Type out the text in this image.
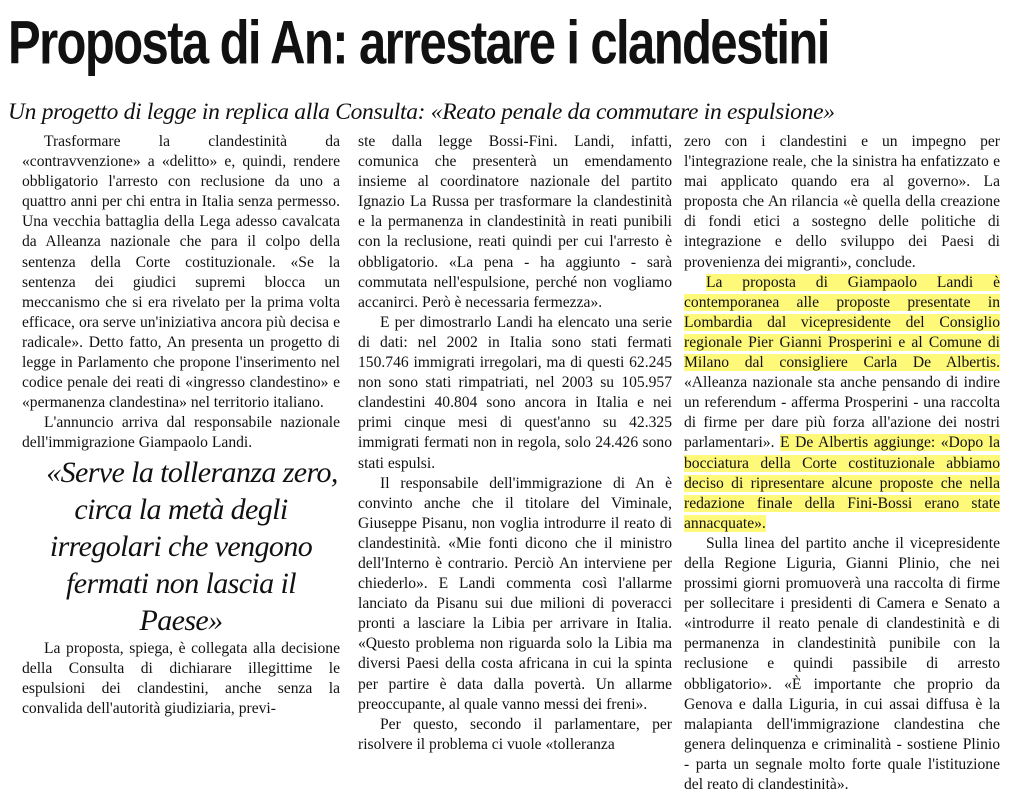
Proposta di An: arrestare i clandestini
Un progetto di legge in replica alla Consulta: «Reato penale da commutare in espulsione»

Trasformare la clandestinità da «contravvenzione» a «delitto» e, quindi, rendere obbligatorio l'arresto con reclusione da uno a quattro anni per chi entra in Italia senza permesso. Una vecchia battaglia della Lega adesso cavalcata da Alleanza nazionale che para il colpo della sentenza della Corte costituzionale. «Se la sentenza dei giudici supremi blocca un meccanismo che si era rivelato per la prima volta efficace, ora serve un'iniziativa ancora più decisa e radicale». Detto fatto, An presenta un progetto di legge in Parlamento che propone l'inserimento nel codice penale dei reati di «ingresso clandestino» e «permanenza clandestina» nel territorio italiano.

L'annuncio arriva dal responsabile nazionale dell'immigrazione Giampaolo Landi.

«Serve la tolleranza zero, circa la metà degli irregolari che vengono fermati non lascia il Paese»

La proposta, spiega, è collegata alla decisione della Consulta di dichiarare illegittime le espulsioni dei clandestini, anche senza la convalida dell'autorità giudiziaria, previ-

ste dalla legge Bossi-Fini. Landi, infatti, comunica che presenterà un emendamento insieme al coordinatore nazionale del partito Ignazio La Russa per trasformare la clandestinità e la permanenza in clandestinità in reati punibili con la reclusione, reati quindi per cui l'arresto è obbligatorio. «La pena - ha aggiunto - sarà commutata nell'espulsione, perché non vogliamo accanirci. Però è necessaria fermezza».

E per dimostrarlo Landi ha elencato una serie di dati: nel 2002 in Italia sono stati fermati 150.746 immigrati irregolari, ma di questi 62.245 non sono stati rimpatriati, nel 2003 su 105.957 clandestini 40.804 sono ancora in Italia e nei primi cinque mesi di quest'anno su 42.325 immigrati fermati non in regola, solo 24.426 sono stati espulsi.

Il responsabile dell'immigrazione di An è convinto anche che il titolare del Viminale, Giuseppe Pisanu, non voglia introdurre il reato di clandestinità. «Mie fonti dicono che il ministro dell'Interno è contrario. Perciò An interviene per chiederlo». E Landi commenta così l'allarme lanciato da Pisanu sui due milioni di poveracci pronti a lasciare la Libia per arrivare in Italia. «Questo problema non riguarda solo la Libia ma diversi Paesi della costa africana in cui la spinta per partire è data dalla povertà. Un allarme preoccupante, al quale vanno messi dei freni».

Per questo, secondo il parlamentare, per risolvere il problema ci vuole «tolleranza

zero con i clandestini e un impegno per l'integrazione reale, che la sinistra ha enfatizzato e mai applicato quando era al governo». La proposta che An rilancia «è quella della creazione di fondi etici a sostegno delle politiche di integrazione e dello sviluppo dei Paesi di provenienza dei migranti», conclude.

La proposta di Giampaolo Landi è contemporanea alle proposte presentate in Lombardia dal vicepresidente del Consiglio regionale Pier Gianni Prosperini e al Comune di Milano dal consigliere Carla De Albertis. «Alleanza nazionale sta anche pensando di indire un referendum - afferma Prosperini - una raccolta di firme per dare più forza all'azione dei nostri parlamentari». E De Albertis aggiunge: «Dopo la bocciatura della Corte costituzionale abbiamo deciso di ripresentare alcune proposte che nella redazione finale della Fini-Bossi erano state annacquate».

Sulla linea del partito anche il vicepresidente della Regione Liguria, Gianni Plinio, che nei prossimi giorni promuoverà una raccolta di firme per sollecitare i presidenti di Camera e Senato a «introdurre il reato penale di clandestinità e di permanenza in clandestinità punibile con la reclusione e quindi passibile di arresto obbligatorio». «È importante che proprio da Genova e dalla Liguria, in cui assai diffusa è la malapianta dell'immigrazione clandestina che genera delinquenza e criminalità - sostiene Plinio - parta un segnale molto forte quale l'istituzione del reato di clandestinità».
